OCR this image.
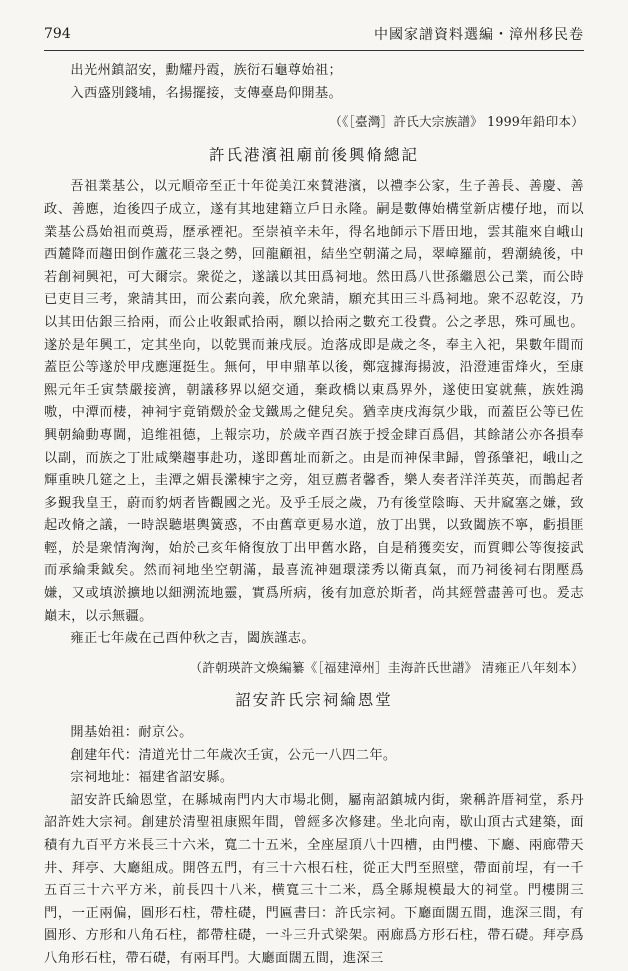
794	中國家譜資料選編・漳州移民卷

出光州鎮詔安，勳耀丹霞，族衍石龜尊始祖；

入西盛別錢埔，名揚擺接，支傳臺島仰開基。

（《［臺灣］許氏大宗族譜》 1999年鉛印本）

許氏港濱祖廟前後興脩總記

吾祖業基公，以元順帝至正十年從美江來賛港濱，以禮李公家，生子善長、善慶、善政、善應，迨後四子成立，遂有其地建籍立戶日永隆。嗣是數傳始構堂新店樓仔地，而以業基公爲始祖而奠焉，歷承禋祀。至崇禎辛未年，得名地師示下厝田地，雲其龍來自峨山西麓降而趨田倒作蘆花三袅之勢，回龍顧祖，結坐空朝滿之局，翠嶂羅前，碧潮繞後，中若創祠興祀，可大爾宗。衆從之，遂議以其田爲祠地。然田爲八世孫繼恩公己業，而公時已吏目三考，衆請其田，而公素向義，欣允衆請，願充其田三斗爲祠地。衆不忍乾沒，乃以其田估銀三拾兩，而公止收銀貳拾兩，願以拾兩之數充工役費。公之孝思，殊可風也。遂於是年興工，定其坐向，以乾巽而兼戌辰。迨落成即是歲之冬，奉主入祀，果數年間而蓋臣公等遂於甲戌應運挺生。無何，甲申鼎革以後，鄭寇據海揚波，沿澄連雷烽火，至康熙元年壬寅禁嚴接濟，朝議移界以絕交通，棄政橋以東爲界外，遂使田宴就蕪，族姓鴻嗷，中潭而棲，神祠宇竟销燬於金戈鐵馬之健兒矣。猶幸庚戌海氛少戢，而蓋臣公等已佐興朝綸動專閫，追维祖德，上報宗功，於歲辛酉召族于授金肆百爲倡，其餘諸公亦各損奉以副，而族之丁壯咸樂趨事赴功，遂即舊址而新之。由是而神保聿歸，曾孫肇祀，峨山之輝重映几筵之上，圭潭之媚長瀠棟宇之旁，俎豆薦者馨香，樂人奏者洋洋英英，而鵲起者多覲我皇王，蔚而豹炳者皆觀國之光。及乎壬辰之歲，乃有後堂陰晦、天井窳塞之嫌，致起改脩之議，一時誤聽堪輿簧惑，不由舊章更易水道，放丁出巽，以致闔族不寧，虧損匪輕，於是衆情洶洶，始於己亥年脩復放丁出甲舊水路，自是稍獲奕安，而質卿公等復接武而承綸秉鉞矣。然而祠地坐空朝滿，最喜流神廻環漾秀以衛真氣，而乃祠後祠右閉壓爲嫌，又或填淤擴地以細溯流地靈，實爲所病，後有加意於斯者，尚其經營盡善可也。爰志巔末，以示無疆。

雍正七年歲在己酉仲秋之吉，闔族謹志。

（許朝瑛許文煥編纂《［福建漳州］圭海許氏世譜》 清雍正八年刻本）

詔安許氏宗祠綸恩堂

開基始祖：耐京公。

創建年代：清道光廿二年歲次壬寅，公元一八四二年。

宗祠地址：福建省詔安縣。

詔安許氏綸恩堂，在縣城南門内大市場北側，屬南詔鎮城内街，衆稱許厝祠堂，系丹詔許姓大宗祠。創建於清聖祖康熙年間，曾經多次修建。坐北向南，歇山頂古式建築，面積有九百平方米長三十六米，寬二十五米，全座屋頂八十四槽，由門樓、下廳、兩廊帶天井、拜亭、大廳組成。開啓五門，有三十六根石柱，從正大門至照壁，帶面前埕，有一千五百三十六平方米，前長四十八米，横寬三十二米，爲全縣規模最大的祠堂。門樓開三門，一正兩偏，圓形石柱，帶柱礎，門匾書曰：許氏宗祠。下廳面闊五間，進深三間，有圓形、方形和八角石柱，都帶柱礎，一斗三升式梁架。兩廊爲方形石柱，帶石礎。拜亭爲八角形石柱，帶石礎，有兩耳門。大廳面闊五間，進深三
